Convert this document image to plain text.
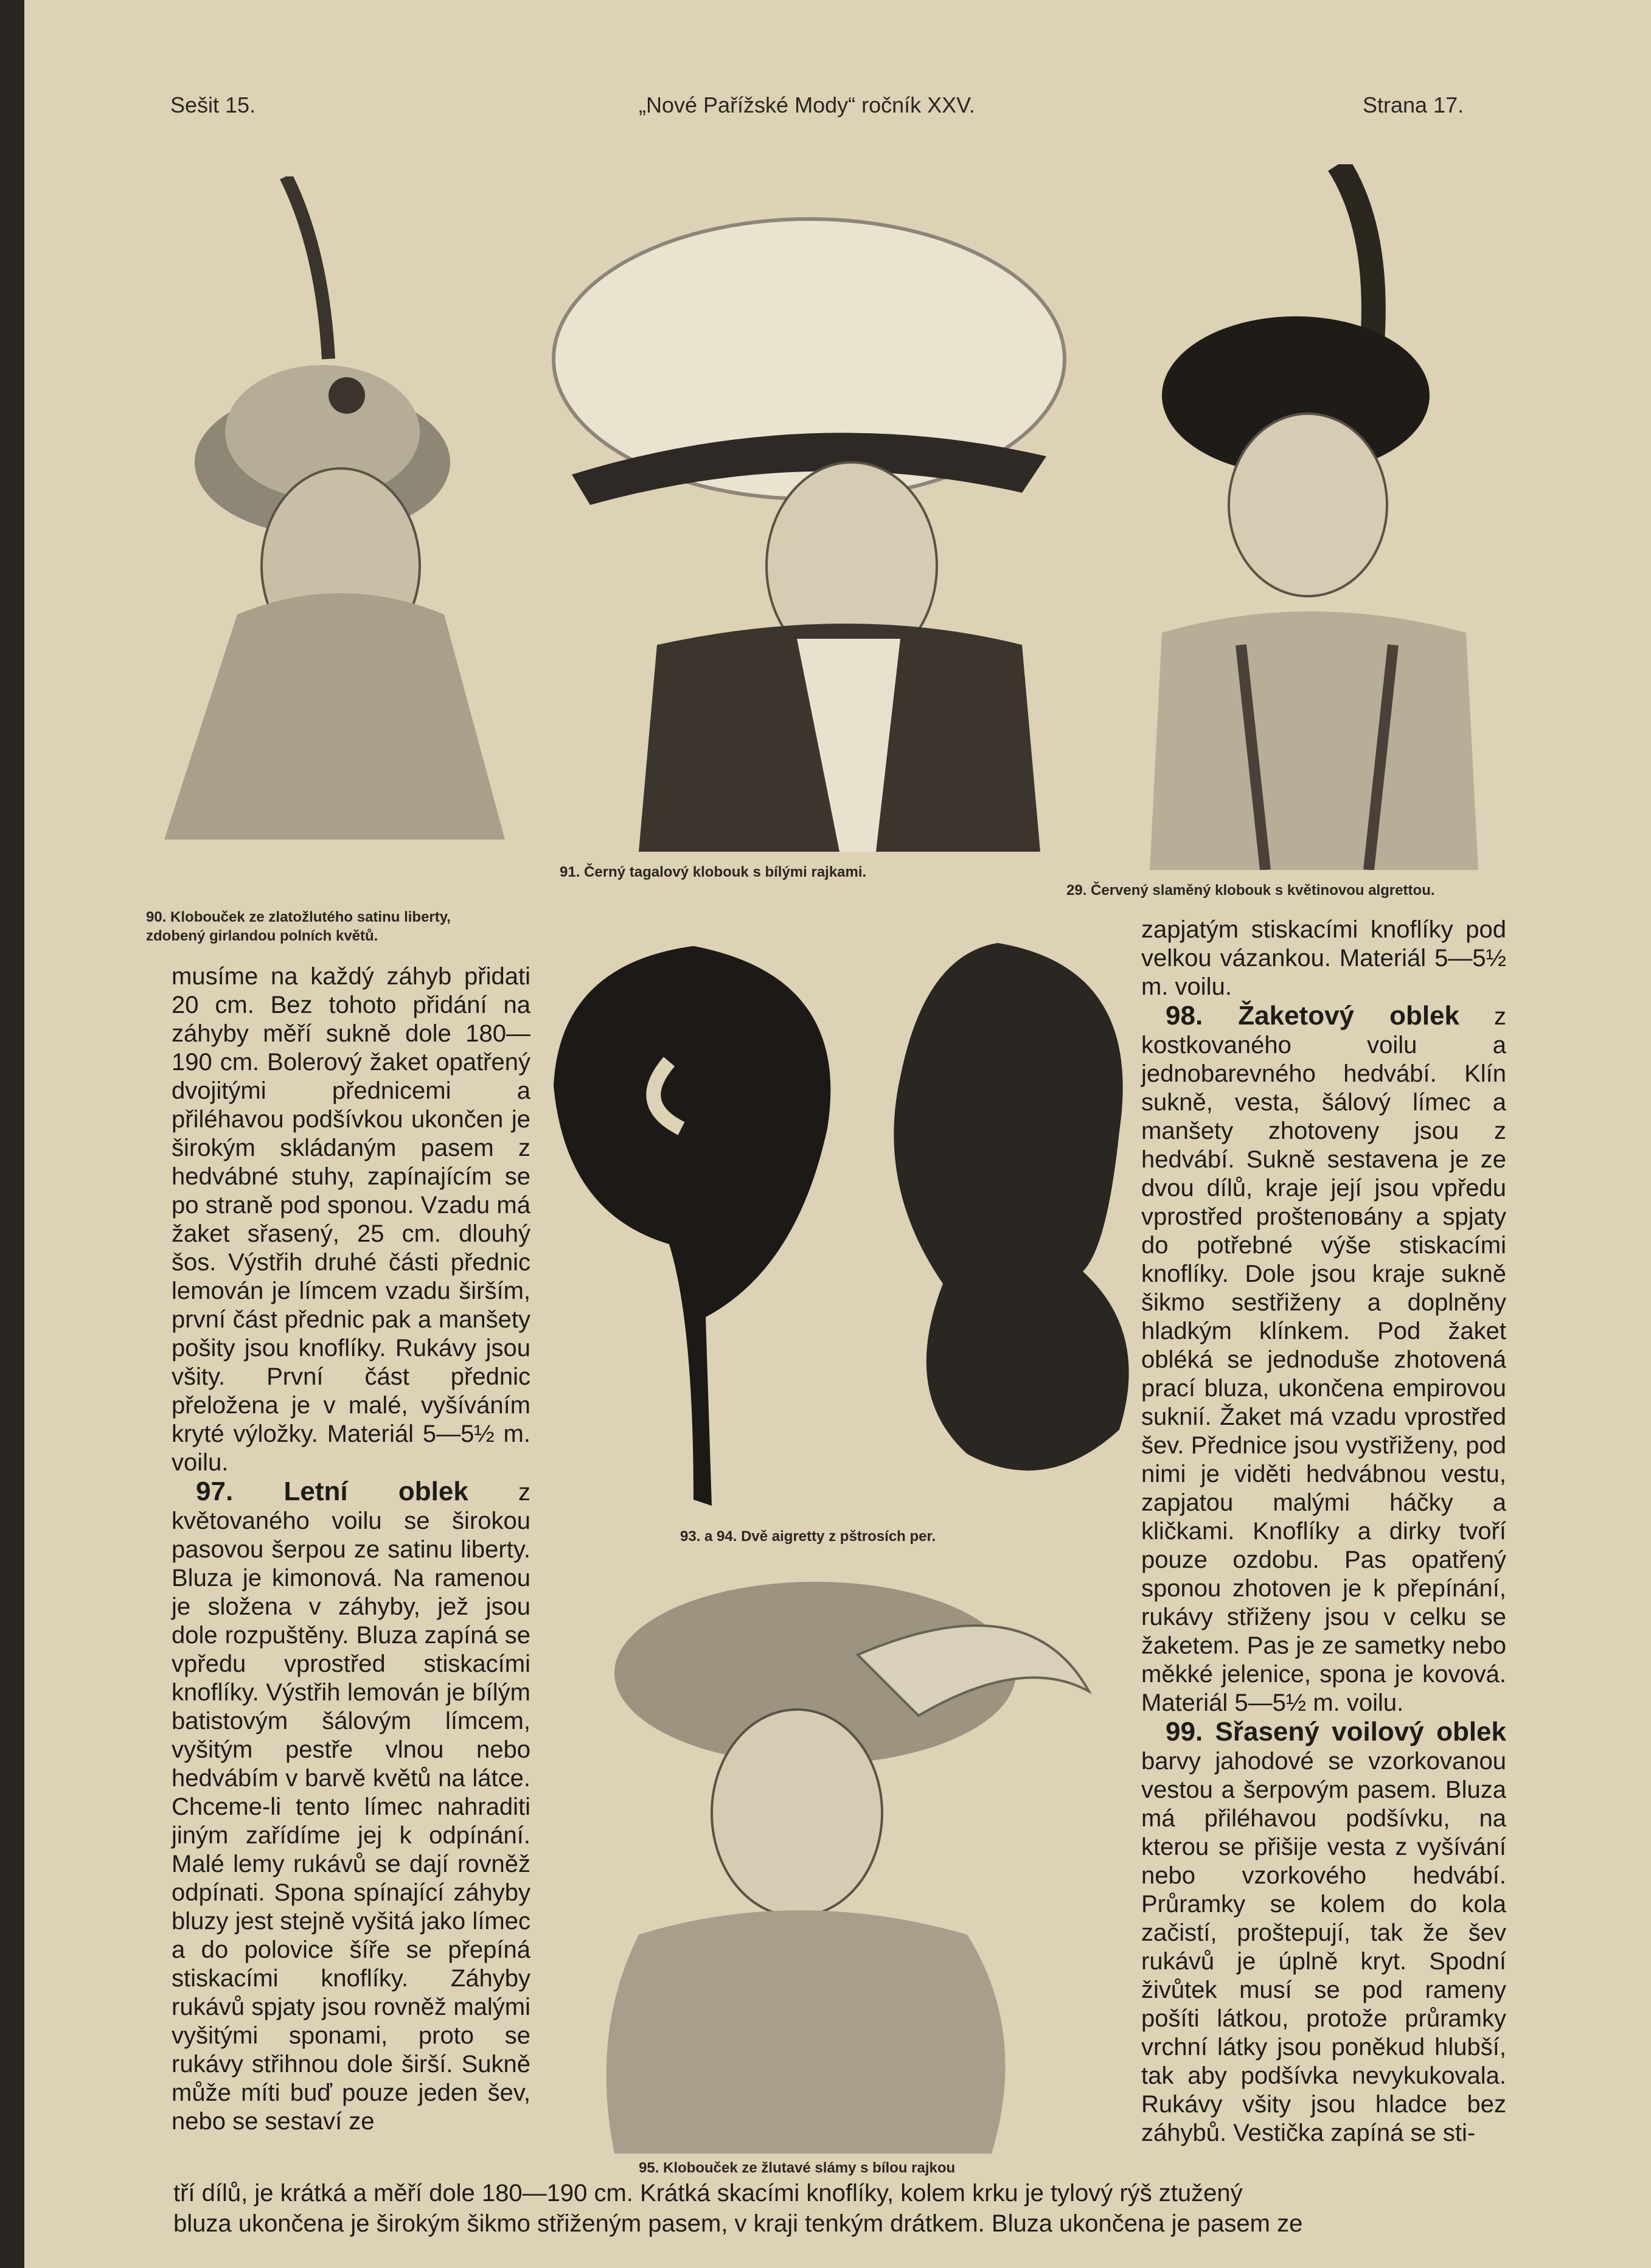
Sešit 15.	„Nové Pařížské Mody“ ročník XXV.	Strana 17.
90. Klobouček ze zlatožlutého satinu liberty, zdobený girlandou polních květů.
91. Černý tagalový klobouk s bílými rajkami.
29. Červený slaměný klobouk s květinovou algrettou.
93. a 94. Dvě aigretty z pštrosích per.
95. Klobouček ze žlutavé slámy s bílou rajkou

musíme na každý záhyb přidati 20 cm. Bez tohoto přidání na záhyby měří sukně dole 180—190 cm. Bolerový žaket opatřený dvojitými přednicemi a přiléhavou podšívkou ukončen je širokým skládaným pasem z hedvábné stuhy, zapínajícím se po straně pod sponou. Vzadu má žaket sřasený, 25 cm. dlouhý šos. Výstřih druhé části přednic lemován je límcem vzadu širším, první část přednic pak a manšety pošity jsou knoflíky. Rukávy jsou všity. První část přednic přeložena je v malé, vyšíváním kryté výložky. Materiál 5—5½ m. voilu.

97. Letní oblek z květovaného voilu se širokou pasovou šerpou ze satinu liberty. Bluza je kimonová. Na ramenou je složena v záhyby, jež jsou dole rozpuštěny. Bluza zapíná se vpředu vprostřed stiskacími knoflíky. Výstřih lemován je bílým batistovým šálovým límcem, vyšitým pestře vlnou nebo hedvábím v barvě květů na látce. Chceme-li tento límec nahraditi jiným zařídíme jej k odpínání. Malé lemy rukávů se dají rovněž odpínati. Spona spínající záhyby bluzy jest stejně vyšitá jako límec a do polovice šíře se přepíná stiskacími knoflíky. Záhyby rukávů spjaty jsou rovněž malými vyšitými sponami, proto se rukávy střihnou dole širší. Sukně může míti buď pouze jeden šev, nebo se sestaví ze

zapjatým stiskacími knoflíky pod velkou vázankou. Materiál 5—5½ m. voilu.

98. Žaketový oblek z kostkovaného voilu a jednobarevného hedvábí. Klín sukně, vesta, šálový límec a manšety zhotoveny jsou z hedvábí. Sukně sestavena je ze dvou dílů, kraje její jsou vpředu vprostřed prošteповány a spjaty do potřebné výše stiskacími knoflíky. Dole jsou kraje sukně šikmo sestřiženy a doplněny hladkým klínkem. Pod žaket obléká se jednoduše zhotovená prací bluza, ukončena empirovou suknií. Žaket má vzadu vprostřed šev. Přednice jsou vystřiženy, pod nimi je viděti hedvábnou vestu, zapjatou malými háčky a kličkami. Knoflíky a dirky tvoří pouze ozdobu. Pas opatřený sponou zhotoven je k přepínání, rukávy střiženy jsou v celku se žaketem. Pas je ze sametky nebo měkké jelenice, spona je kovová. Materiál 5—5½ m. voilu.

99. Sřasený voilový oblek barvy jahodové se vzorkovanou vestou a šerpovým pasem. Bluza má přiléhavou podšívku, na kterou se přišije vesta z vyšívání nebo vzorkového hedvábí. Průramky se kolem do kola začistí, proštepují, tak že šev rukávů je úplně kryt. Spodní živůtek musí se pod rameny pošíti látkou, protože průramky vrchní látky jsou poněkud hlubší, tak aby podšívka nevykukovala. Rukávy všity jsou hladce bez záhybů. Vestička zapíná se sti-

tří dílů, je krátká a měří dole 180—190 cm. Krátká skacími knoflíky, kolem krku je tylový rýš ztužený
bluza ukončena je širokým šikmo střiženým pasem, v kraji tenkým drátkem. Bluza ukončena je pasem ze
